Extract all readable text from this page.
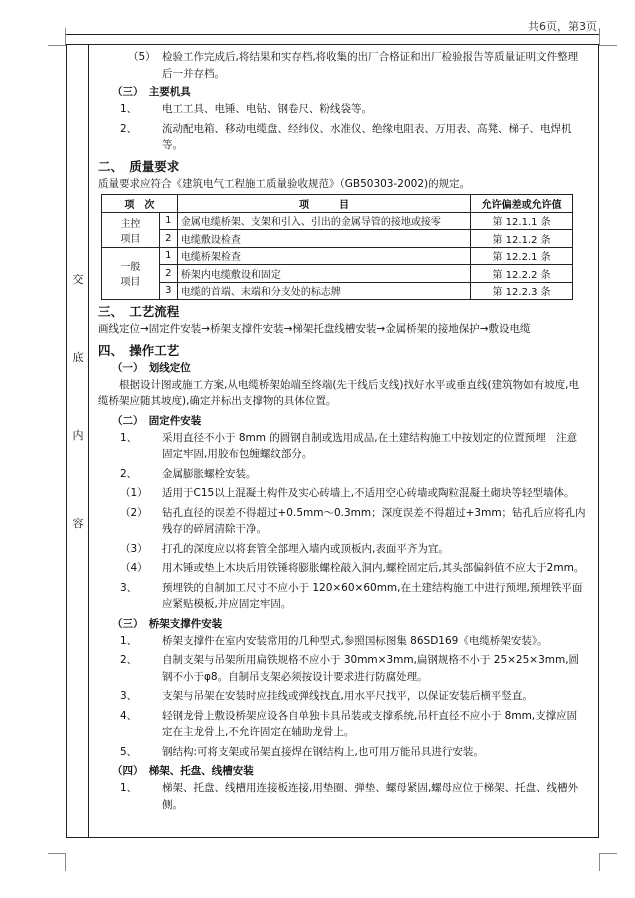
共6页，第3页
交
底
内
容
（5） 检验工作完成后,将结果和实存档,将收集的出厂合格证和出厂检验报告等质量证明文件整理后一并存档。
（三）　主要机具
1、	电工工具、电锤、电钻、钢卷尺、粉线袋等。
2、	流动配电箱、移动电缆盘、经纬仪、水准仪、绝缘电阻表、万用表、高凳、梯子、电焊机等。
二、　质量要求
质量要求应符合《建筑电气工程施工质量验收规范》（GB50303-2002)的规定。
项　次		项　　　目	允许偏差或允许值

主控
项目	1	金属电缆桥架、支架和引入、引出的金属导管的接地或接零	第 12.1.1 条
	2	电缆敷设检查	第 12.1.2 条

一般
项目	1	电缆桥架检查	第 12.2.1 条
	2	桥架内电缆敷设和固定	第 12.2.2 条
	3	电缆的首端、末端和分支处的标志牌	第 12.2.3 条
三、　工艺流程
画线定位→固定件安装→桥架支撑件安装→梯架托盘线槽安装→金属桥架的接地保护→敷设电缆
四、　操作工艺
（一）　划线定位
根据设计图或施工方案,从电缆桥架始端至终端(先干线后支线)找好水平或垂直线(建筑物如有坡度,电缆桥架应随其坡度),确定并标出支撑物的具体位置。
（二）　固定件安装
1、	采用直径不小于 8mm 的圆钢自制或选用成品,在土建结构施工中按划定的位置预埋　注意固定牢固,用胶布包缠螺纹部分。
2、	金属膨胀螺栓安装。
（1）	适用于C15以上混凝土构件及实心砖墙上,不适用空心砖墙或陶粒混凝土砌块等轻型墙体。
（2）	钻孔直径的误差不得超过+0.5mm～0.3mm；深度误差不得超过+3mm；钻孔后应将孔内残存的碎屑清除干净。
（3）	打孔的深度应以将套管全部埋入墙内或顶板内,表面平齐为宜。
（4）	用木锤或垫上木块后用铁锤将膨胀螺栓敲入洞内,螺栓固定后,其头部偏斜值不应大于2mm。
3、	预埋铁的自制加工尺寸不应小于 120×60×60mm,在土建结构施工中进行预埋,预埋铁平面应紧贴模板,并应固定牢固。
（三）　桥架支撑件安装
1、	桥架支撑件在室内安装常用的几种型式,参照国标图集 86SD169《电缆桥架安装》。
2、	自制支架与吊架所用扁铁规格不应小于 30mm×3mm,扁钢规格不小于 25×25×3mm,圆钢不小于φ8。自制吊支架必须按设计要求进行防腐处理。
3、	支架与吊架在安装时应挂线或弹线找直,用水平尺找平，以保证安装后横平竖直。
4、	轻钢龙骨上敷设桥架应设各自单独卡具吊装或支撑系统,吊杆直径不应小于 8mm,支撑应固定在主龙骨上,不允许固定在辅助龙骨上。
5、	钢结构:可将支架或吊架直接焊在钢结构上,也可用万能吊具进行安装。
（四）　梯架、托盘、线槽安装
1、	梯架、托盘、线槽用连接板连接,用垫圈、弹垫、螺母紧固,螺母应位于梯架、托盘、线槽外侧。
